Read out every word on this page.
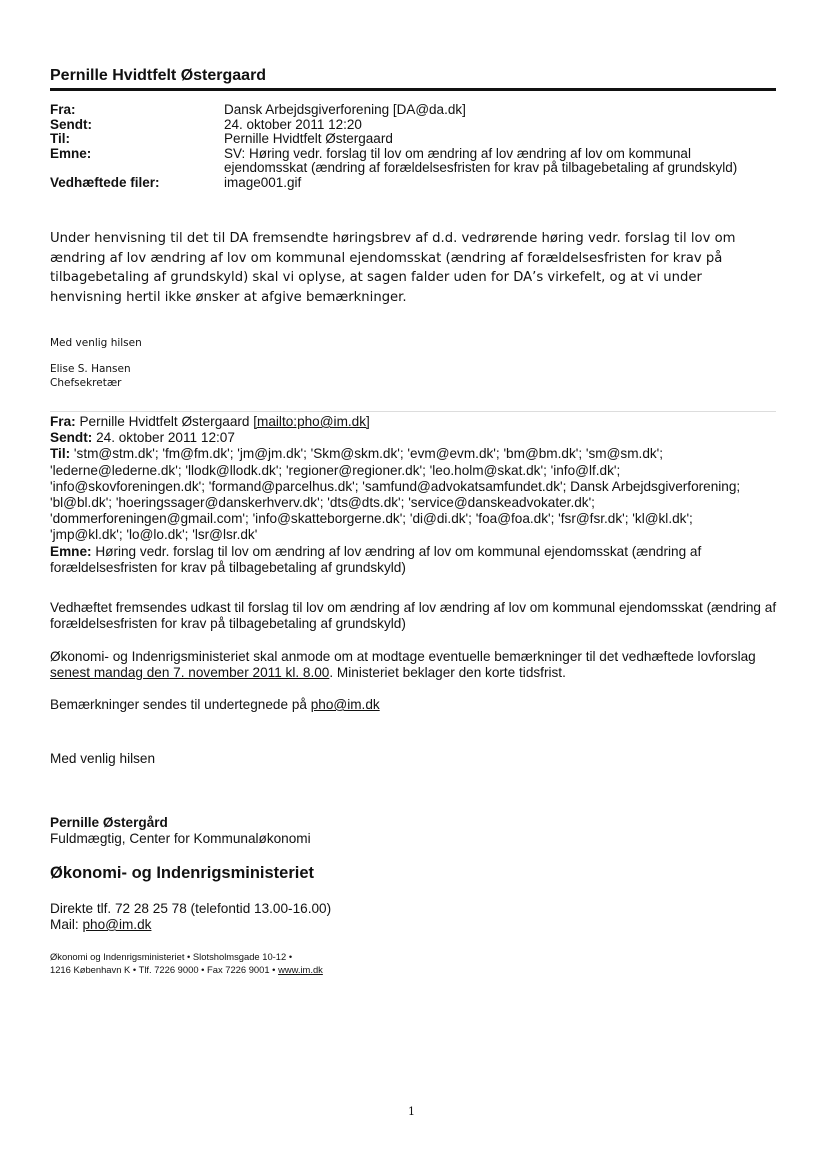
Pernille Hvidtfelt Østergaard
Fra:	Dansk Arbejdsgiverforening [DA@da.dk]
Sendt:	24. oktober 2011 12:20
Til:	Pernille Hvidtfelt Østergaard
Emne:	SV: Høring vedr. forslag til lov om ændring af lov ændring af lov om kommunal ejendomsskat (ændring af forældelsesfristen for krav på tilbagebetaling af grundskyld)
Vedhæftede filer:	image001.gif
Under henvisning til det til DA fremsendte høringsbrev af d.d. vedrørende høring vedr. forslag til lov om ændring af lov ændring af lov om kommunal ejendomsskat (ændring af forældelsesfristen for krav på tilbagebetaling af grundskyld) skal vi oplyse, at sagen falder uden for DA’s virkefelt, og at vi under henvisning hertil ikke ønsker at afgive bemærkninger.
Med venlig hilsen
Elise S. Hansen
Chefsekretær
Fra: Pernille Hvidtfelt Østergaard [mailto:pho@im.dk]
Sendt: 24. oktober 2011 12:07
Til: 'stm@stm.dk'; 'fm@fm.dk'; 'jm@jm.dk'; 'Skm@skm.dk'; 'evm@evm.dk'; 'bm@bm.dk'; 'sm@sm.dk';
'lederne@lederne.dk'; 'llodk@llodk.dk'; 'regioner@regioner.dk'; 'leo.holm@skat.dk'; 'info@lf.dk';
'info@skovforeningen.dk'; 'formand@parcelhus.dk'; 'samfund@advokatsamfundet.dk'; Dansk Arbejdsgiverforening;
'bl@bl.dk'; 'hoeringssager@danskerhverv.dk'; 'dts@dts.dk'; 'service@danskeadvokater.dk';
'dommerforeningen@gmail.com'; 'info@skatteborgerne.dk'; 'di@di.dk'; 'foa@foa.dk'; 'fsr@fsr.dk'; 'kl@kl.dk';
'jmp@kl.dk'; 'lo@lo.dk'; 'lsr@lsr.dk'
Emne: Høring vedr. forslag til lov om ændring af lov ændring af lov om kommunal ejendomsskat (ændring af
forældelsesfristen for krav på tilbagebetaling af grundskyld)
Vedhæftet fremsendes udkast til forslag til lov om ændring af lov ændring af lov om kommunal ejendomsskat (ændring af forældelsesfristen for krav på tilbagebetaling af grundskyld)
Økonomi- og Indenrigsministeriet skal anmode om at modtage eventuelle bemærkninger til det vedhæftede lovforslag senest mandag den 7. november 2011 kl. 8.00. Ministeriet beklager den korte tidsfrist.
Bemærkninger sendes til undertegnede på pho@im.dk
Med venlig hilsen
Pernille Østergård
Fuldmægtig, Center for Kommunaløkonomi
Økonomi- og Indenrigsministeriet
Direkte tlf. 72 28 25 78 (telefontid 13.00-16.00)
Mail: pho@im.dk
Økonomi og Indenrigsministeriet • Slotsholmsgade 10-12 •
1216 København K • Tlf. 7226 9000 • Fax 7226 9001 • www.im.dk
1
